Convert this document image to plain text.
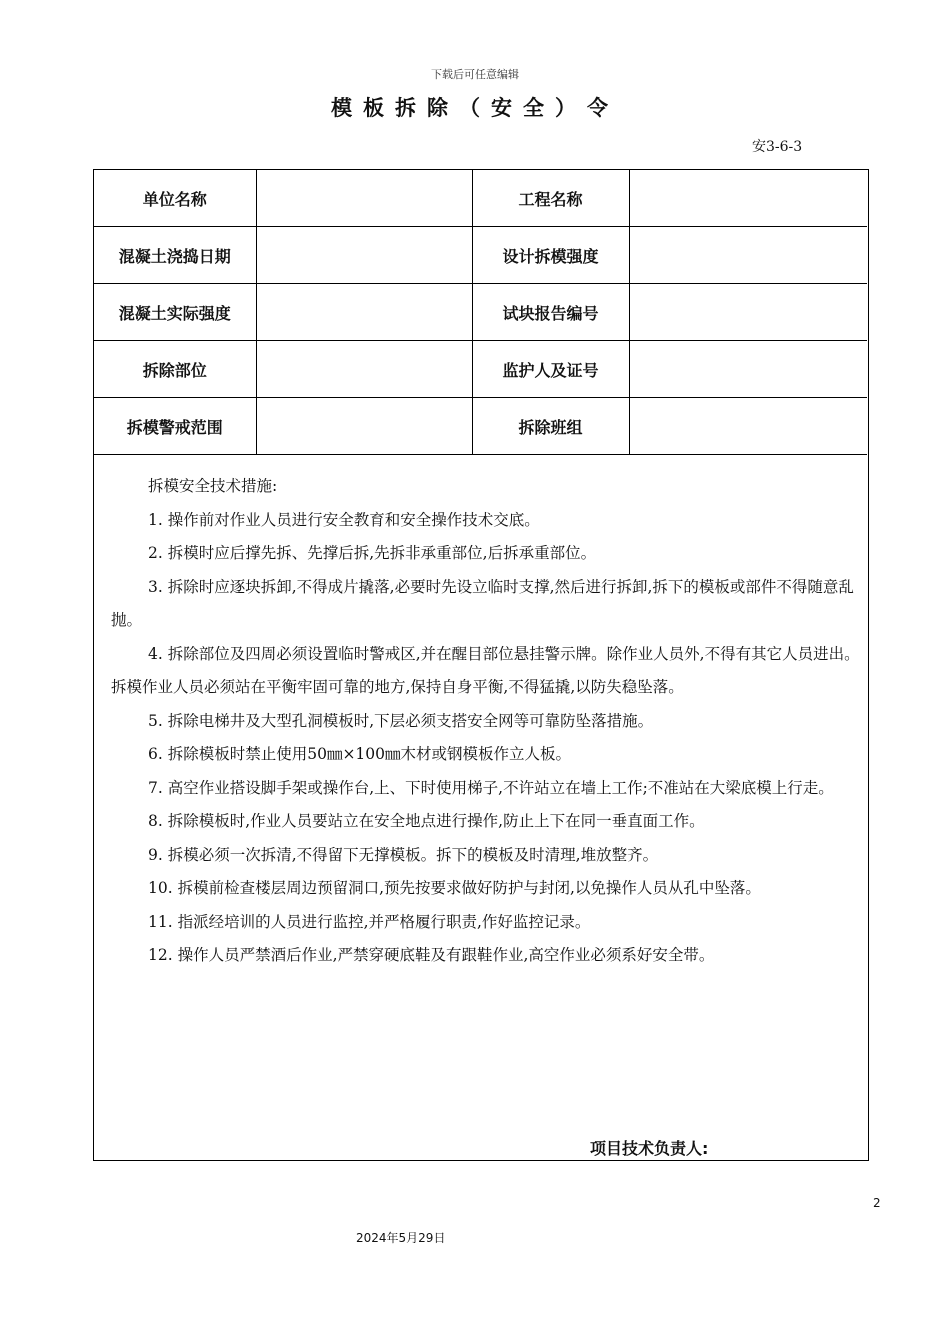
下载后可任意编辑
模板拆除（安全）令
安3-6-3
单位名称		工程名称	
混凝土浇捣日期		设计拆模强度	
混凝土实际强度		试块报告编号	
拆除部位		监护人及证号	
拆模警戒范围		拆除班组	

拆模安全技术措施:

1. 操作前对作业人员进行安全教育和安全操作技术交底。

2. 拆模时应后撑先拆、先撑后拆,先拆非承重部位,后拆承重部位。

3. 拆除时应逐块拆卸,不得成片撬落,必要时先设立临时支撑,然后进行拆卸,拆下的模板或部件不得随意乱抛。

4. 拆除部位及四周必须设置临时警戒区,并在醒目部位悬挂警示牌。除作业人员外,不得有其它人员进出。拆模作业人员必须站在平衡牢固可靠的地方,保持自身平衡,不得猛撬,以防失稳坠落。

5. 拆除电梯井及大型孔洞模板时,下层必须支搭安全网等可靠防坠落措施。

6. 拆除模板时禁止使用50㎜×100㎜木材或钢模板作立人板。

7. 高空作业搭设脚手架或操作台,上、下时使用梯子,不许站立在墙上工作;不准站在大梁底模上行走。

8. 拆除模板时,作业人员要站立在安全地点进行操作,防止上下在同一垂直面工作。

9. 拆模必须一次拆清,不得留下无撑模板。拆下的模板及时清理,堆放整齐。

10. 拆模前检查楼层周边预留洞口,预先按要求做好防护与封闭,以免操作人员从孔中坠落。

11. 指派经培训的人员进行监控,并严格履行职责,作好监控记录。

12. 操作人员严禁酒后作业,严禁穿硬底鞋及有跟鞋作业,高空作业必须系好安全带。

项目技术负责人:
2
2024年5月29日
